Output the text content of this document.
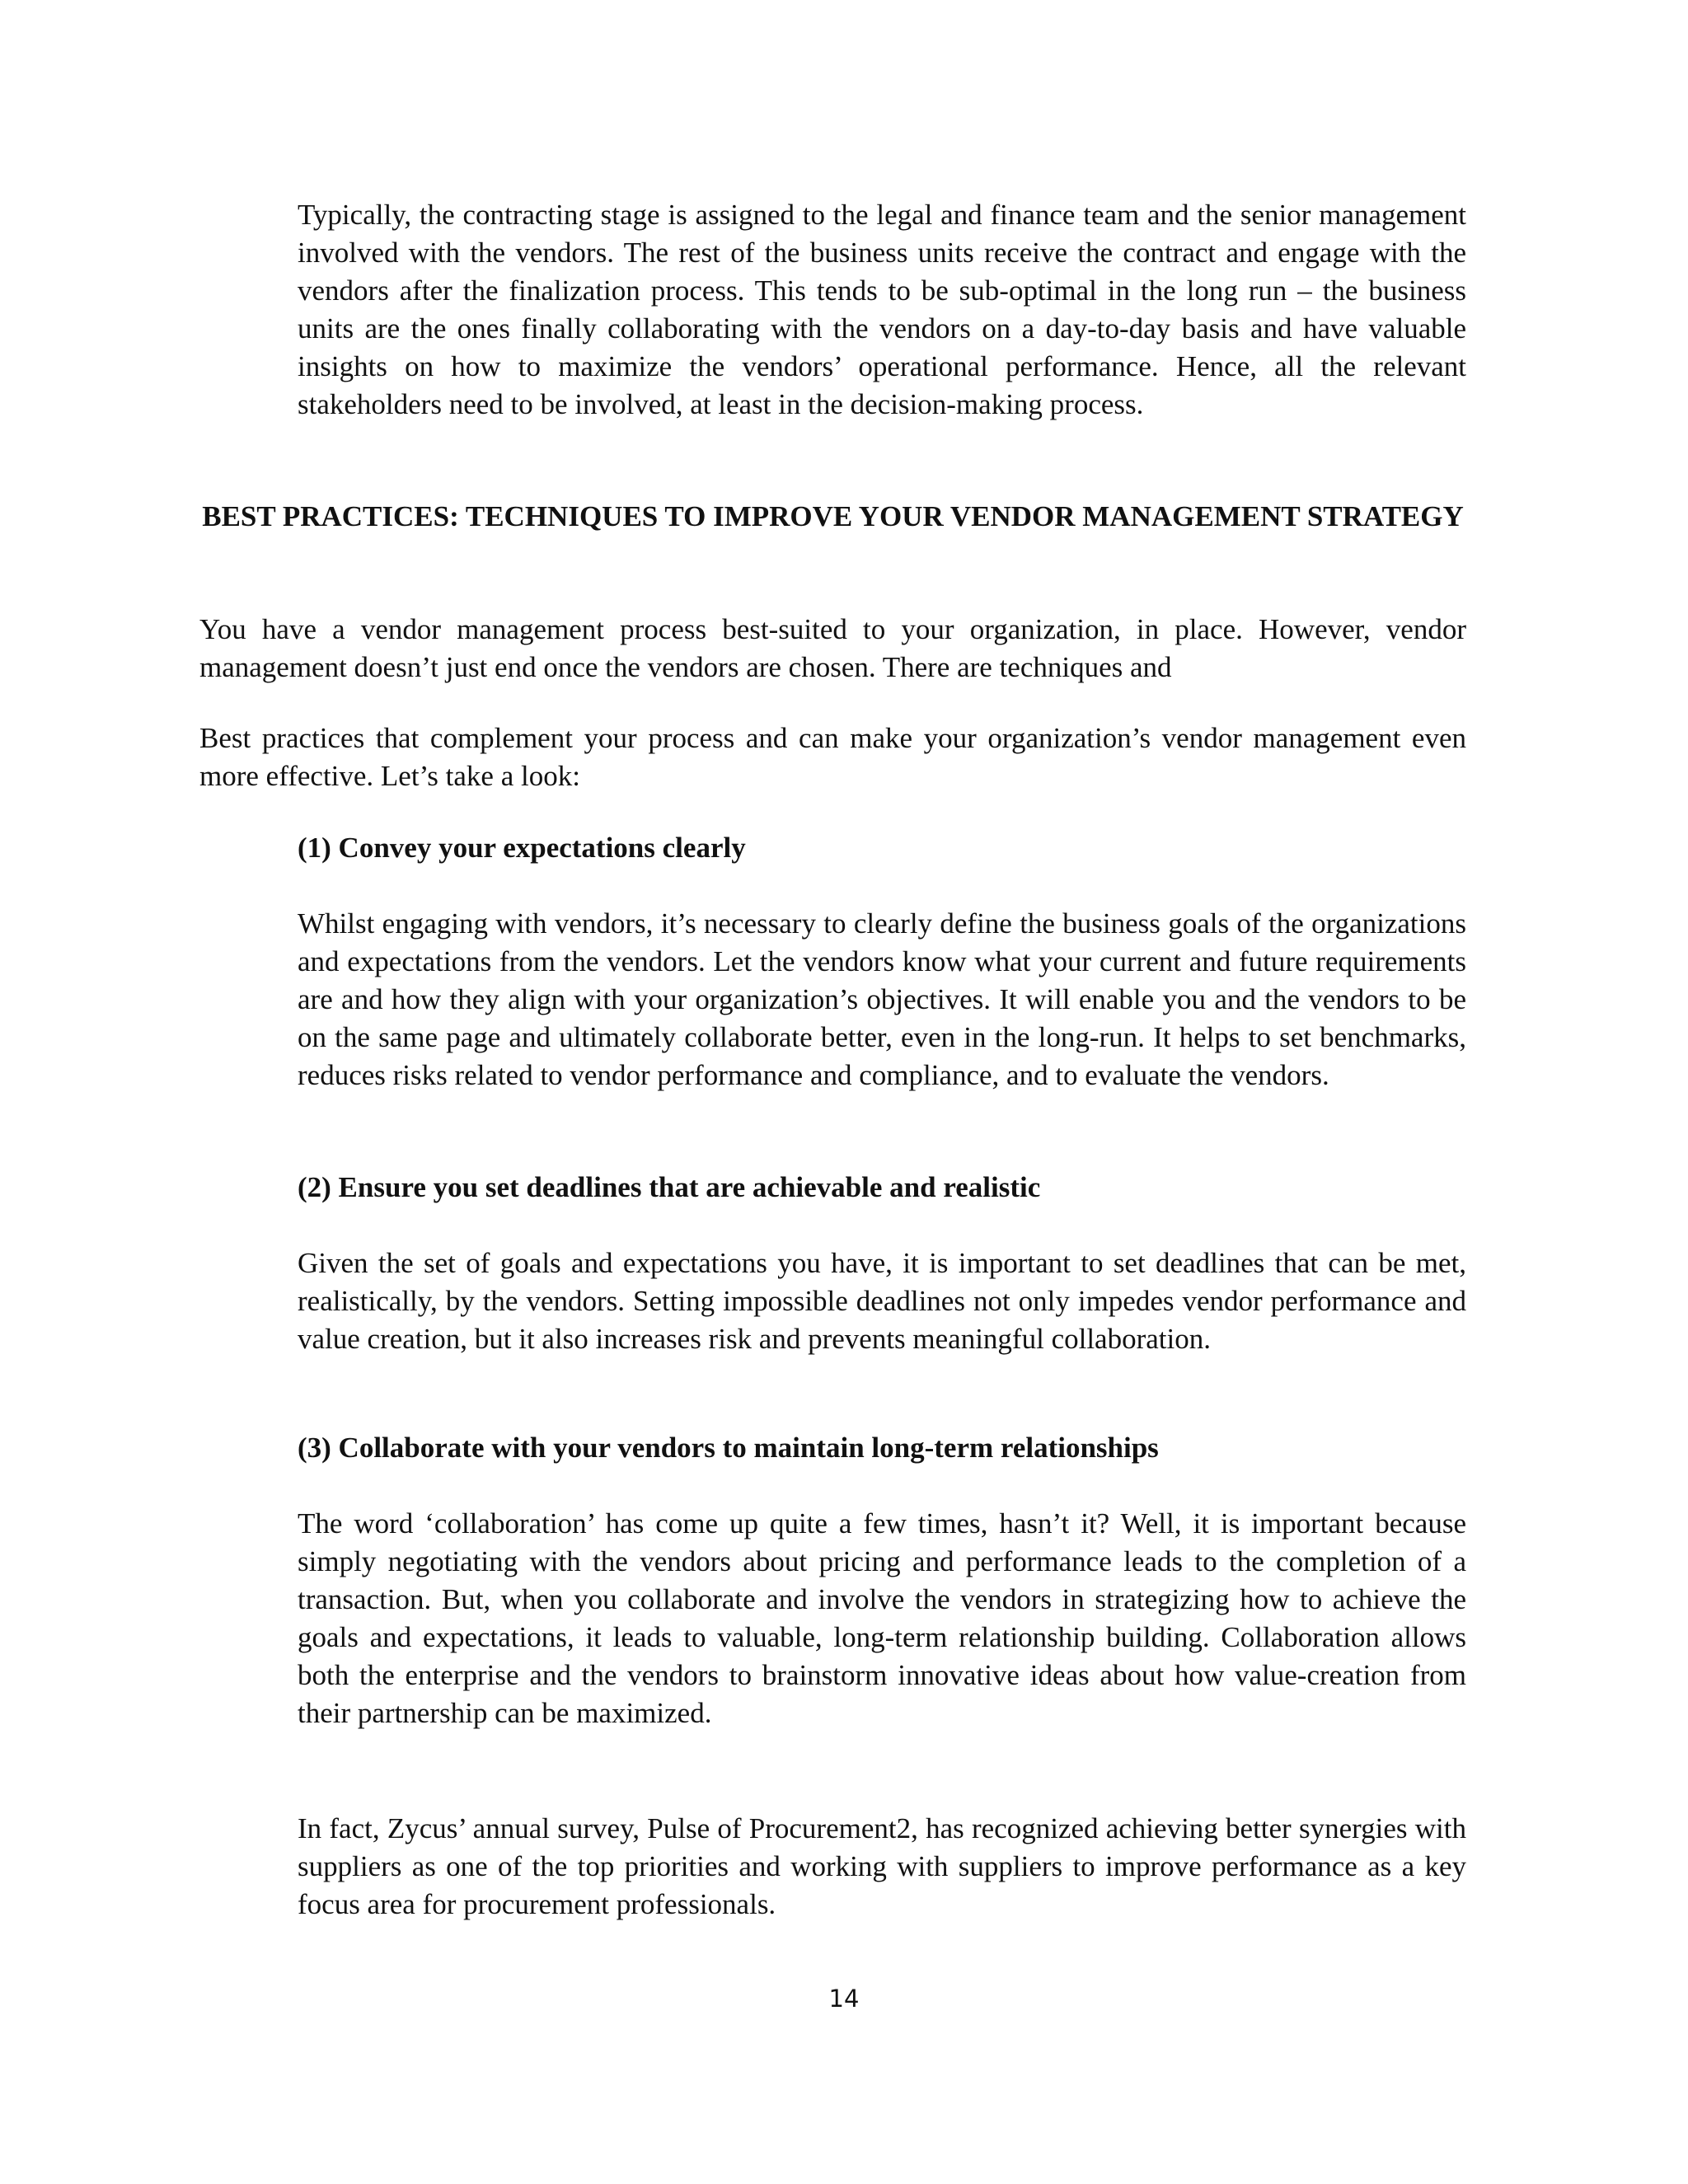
Typically, the contracting stage is assigned to the legal and finance team and the senior management involved with the vendors. The rest of the business units receive the contract and engage with the vendors after the finalization process. This tends to be sub-optimal in the long run – the business units are the ones finally collaborating with the vendors on a day-to-day basis and have valuable insights on how to maximize the vendors’ operational performance. Hence, all the relevant stakeholders need to be involved, at least in the decision-making process.

BEST PRACTICES: TECHNIQUES TO IMPROVE YOUR VENDOR MANAGEMENT STRATEGY

You have a vendor management process best-suited to your organization, in place. However, vendor management doesn’t just end once the vendors are chosen. There are techniques and

Best practices that complement your process and can make your organization’s vendor management even more effective. Let’s take a look:

(1) Convey your expectations clearly

Whilst engaging with vendors, it’s necessary to clearly define the business goals of the organizations and expectations from the vendors. Let the vendors know what your current and future requirements are and how they align with your organization’s objectives. It will enable you and the vendors to be on the same page and ultimately collaborate better, even in the long-run. It helps to set benchmarks, reduces risks related to vendor performance and compliance, and to evaluate the vendors.

(2) Ensure you set deadlines that are achievable and realistic

Given the set of goals and expectations you have, it is important to set deadlines that can be met, realistically, by the vendors. Setting impossible deadlines not only impedes vendor performance and value creation, but it also increases risk and prevents meaningful collaboration.

(3) Collaborate with your vendors to maintain long-term relationships

The word ‘collaboration’ has come up quite a few times, hasn’t it? Well, it is important because simply negotiating with the vendors about pricing and performance leads to the completion of a transaction. But, when you collaborate and involve the vendors in strategizing how to achieve the goals and expectations, it leads to valuable, long-term relationship building. Collaboration allows both the enterprise and the vendors to brainstorm innovative ideas about how value-creation from their partnership can be maximized.

In fact, Zycus’ annual survey, Pulse of Procurement2, has recognized achieving better synergies with suppliers as one of the top priorities and working with suppliers to improve performance as a key focus area for procurement professionals.

14
